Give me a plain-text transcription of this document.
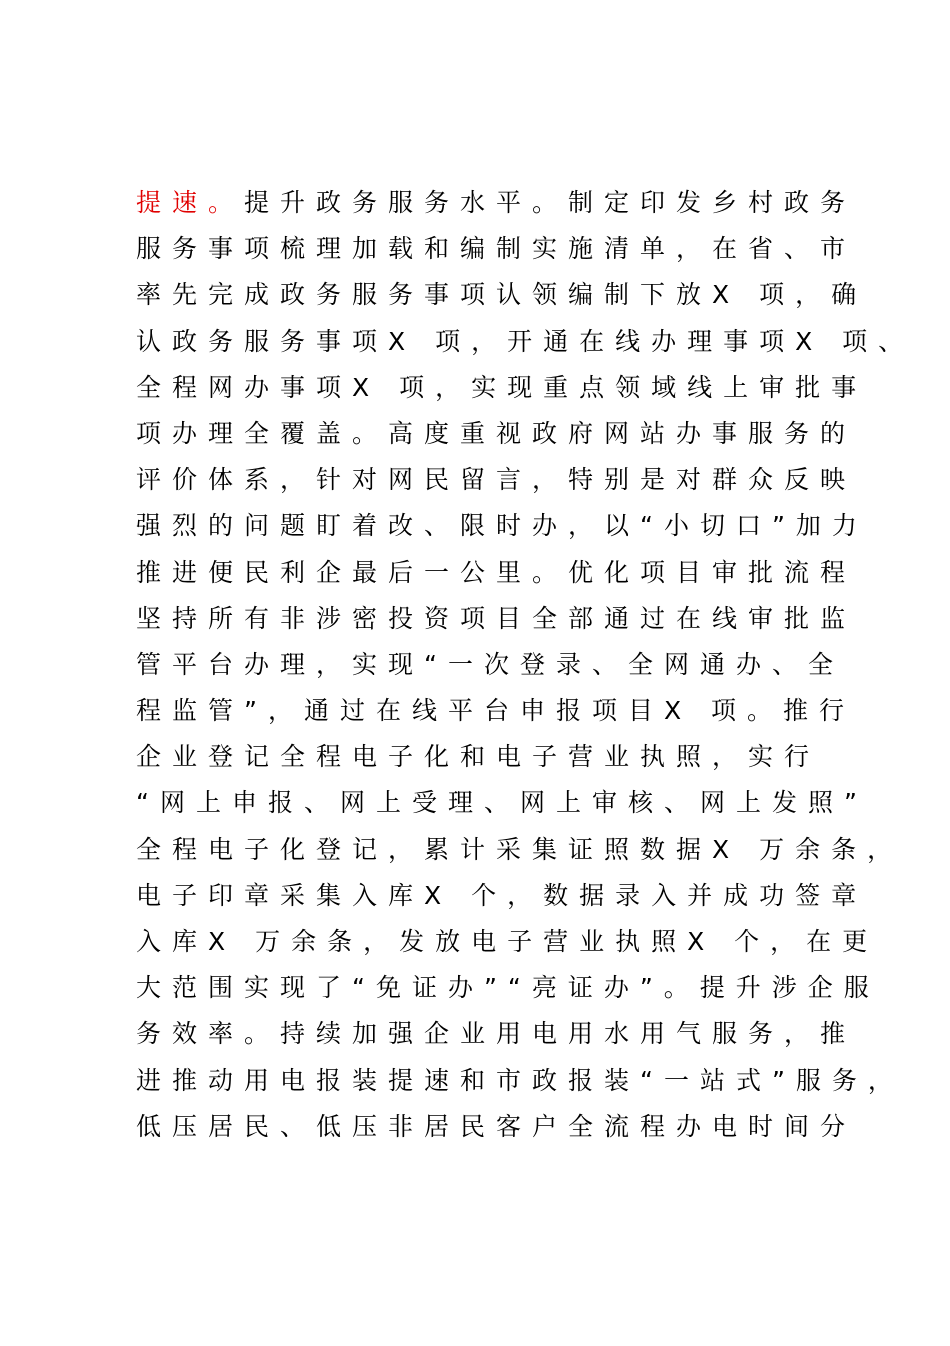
提速。提升政务服务水平。制定印发乡村政务
服务事项梳理加载和编制实施清单，在省、市
率先完成政务服务事项认领编制下放X 项，确
认政务服务事项X 项，开通在线办理事项X 项、
全程网办事项X 项，实现重点领域线上审批事
项办理全覆盖。高度重视政府网站办事服务的
评价体系，针对网民留言，特别是对群众反映
强烈的问题盯着改、限时办，以“小切口”加力
推进便民利企最后一公里。优化项目审批流程
坚持所有非涉密投资项目全部通过在线审批监
管平台办理，实现“一次登录、全网通办、全
程监管”，通过在线平台申报项目X 项。推行
企业登记全程电子化和电子营业执照，实行
“网上申报、网上受理、网上审核、网上发照”
全程电子化登记，累计采集证照数据X 万余条，
电子印章采集入库X 个，数据录入并成功签章
入库X 万余条，发放电子营业执照X 个，在更
大范围实现了“免证办”“亮证办”。提升涉企服
务效率。持续加强企业用电用水用气服务，推
进推动用电报装提速和市政报装“一站式”服务，
低压居民、低压非居民客户全流程办电时间分
